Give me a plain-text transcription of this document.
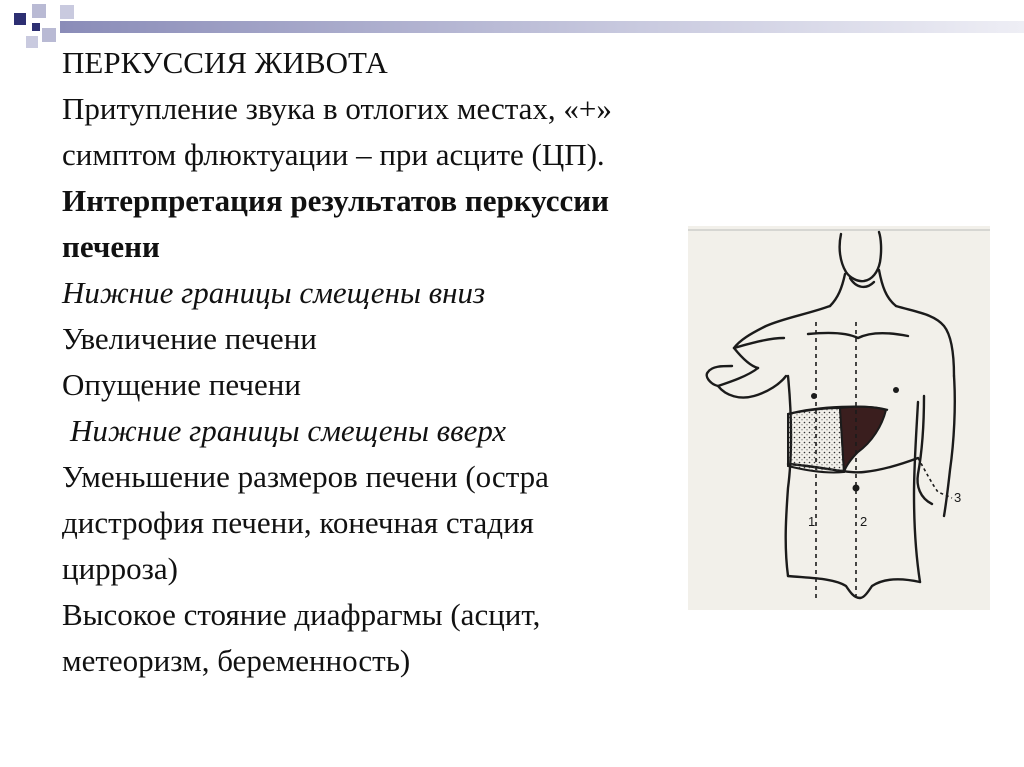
ПЕРКУССИЯ ЖИВОТА
Притупление звука в отлогих местах, «+»
симптом флюктуации – при асците (ЦП).
Интерпретация результатов перкуссии
печени
Нижние границы смещены вниз
Увеличение печени
Опущение печени
Нижние границы смещены вверх
Уменьшение размеров печени (остра
дистрофия печени, конечная стадия
цирроза)
Высокое стояние диафрагмы (асцит,
метеоризм, беременность)
1	2
3
